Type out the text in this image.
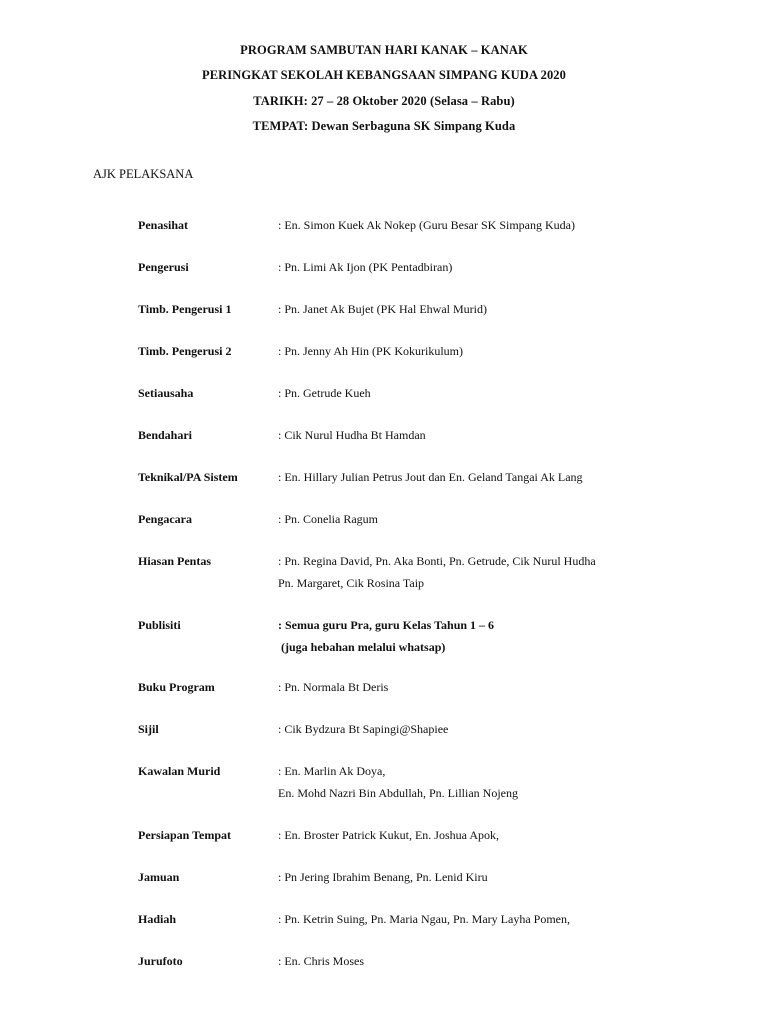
PROGRAM SAMBUTAN HARI KANAK – KANAK
PERINGKAT SEKOLAH KEBANGSAAN SIMPANG KUDA 2020
TARIKH: 27 – 28 Oktober 2020 (Selasa – Rabu)
TEMPAT: Dewan Serbaguna SK Simpang Kuda
AJK PELAKSANA
Penasihat	: En. Simon Kuek Ak Nokep (Guru Besar SK Simpang Kuda)
Pengerusi	: Pn. Limi Ak Ijon (PK Pentadbiran)
Timb. Pengerusi 1	: Pn. Janet Ak Bujet (PK Hal Ehwal Murid)
Timb. Pengerusi 2	: Pn. Jenny Ah Hin (PK Kokurikulum)
Setiausaha	: Pn. Getrude Kueh
Bendahari	: Cik Nurul Hudha Bt Hamdan
Teknikal/PA Sistem	: En. Hillary Julian Petrus Jout dan En. Geland Tangai Ak Lang
Pengacara	: Pn. Conelia Ragum
Hiasan Pentas	: Pn. Regina David, Pn. Aka Bonti, Pn. Getrude, Cik Nurul Hudha
Pn. Margaret, Cik Rosina Taip
Publisiti	: Semua guru Pra, guru Kelas Tahun 1 – 6
(juga hebahan melalui whatsap)
Buku Program	: Pn. Normala Bt Deris
Sijil	: Cik Bydzura Bt Sapingi@Shapiee
Kawalan Murid	: En. Marlin Ak Doya,
En. Mohd Nazri Bin Abdullah, Pn. Lillian Nojeng
Persiapan Tempat	: En. Broster Patrick Kukut, En. Joshua Apok,
Jamuan	: Pn Jering Ibrahim Benang, Pn. Lenid Kiru
Hadiah	: Pn. Ketrin Suing, Pn. Maria Ngau, Pn. Mary Layha Pomen,
Jurufoto	: En. Chris Moses
